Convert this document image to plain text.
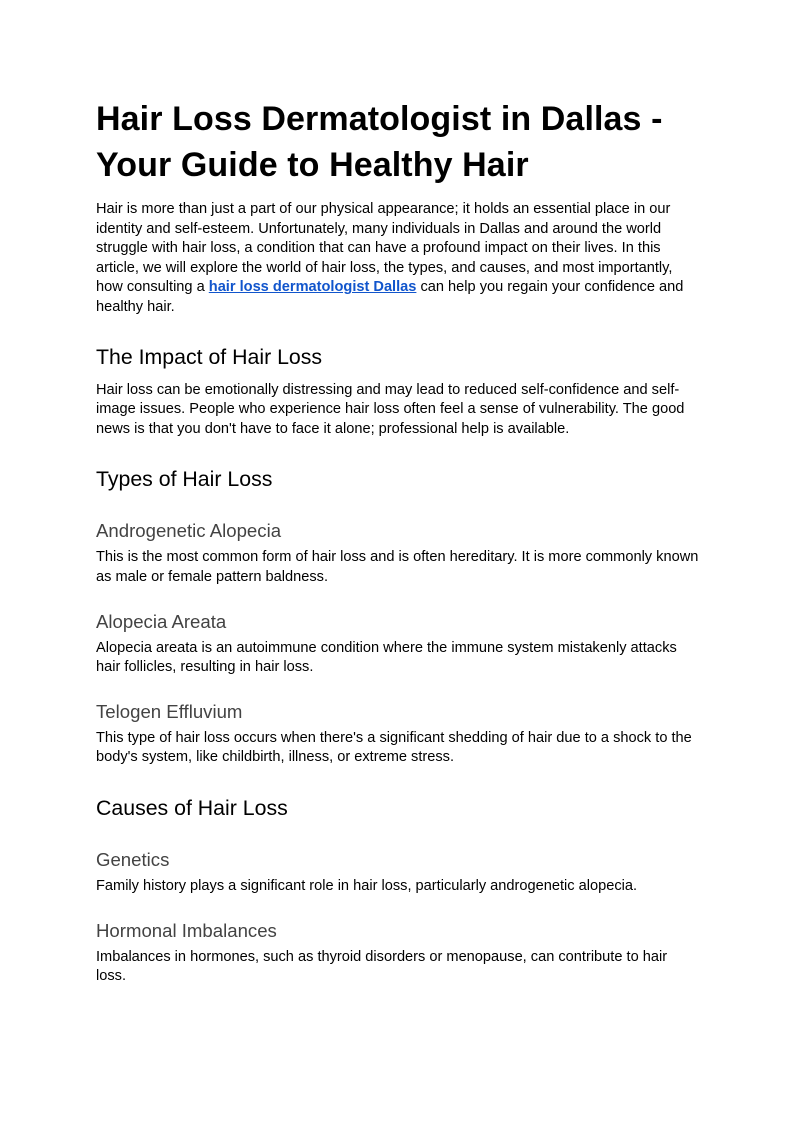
Hair Loss Dermatologist in Dallas - Your Guide to Healthy Hair

Hair is more than just a part of our physical appearance; it holds an essential place in our identity and self-esteem. Unfortunately, many individuals in Dallas and around the world struggle with hair loss, a condition that can have a profound impact on their lives. In this article, we will explore the world of hair loss, the types, and causes, and most importantly, how consulting a hair loss dermatologist Dallas can help you regain your confidence and healthy hair.

The Impact of Hair Loss

Hair loss can be emotionally distressing and may lead to reduced self-confidence and self-image issues. People who experience hair loss often feel a sense of vulnerability. The good news is that you don't have to face it alone; professional help is available.

Types of Hair Loss
Androgenetic Alopecia

This is the most common form of hair loss and is often hereditary. It is more commonly known as male or female pattern baldness.

Alopecia Areata

Alopecia areata is an autoimmune condition where the immune system mistakenly attacks hair follicles, resulting in hair loss.

Telogen Effluvium

This type of hair loss occurs when there's a significant shedding of hair due to a shock to the body's system, like childbirth, illness, or extreme stress.

Causes of Hair Loss
Genetics

Family history plays a significant role in hair loss, particularly androgenetic alopecia.

Hormonal Imbalances

Imbalances in hormones, such as thyroid disorders or menopause, can contribute to hair loss.
